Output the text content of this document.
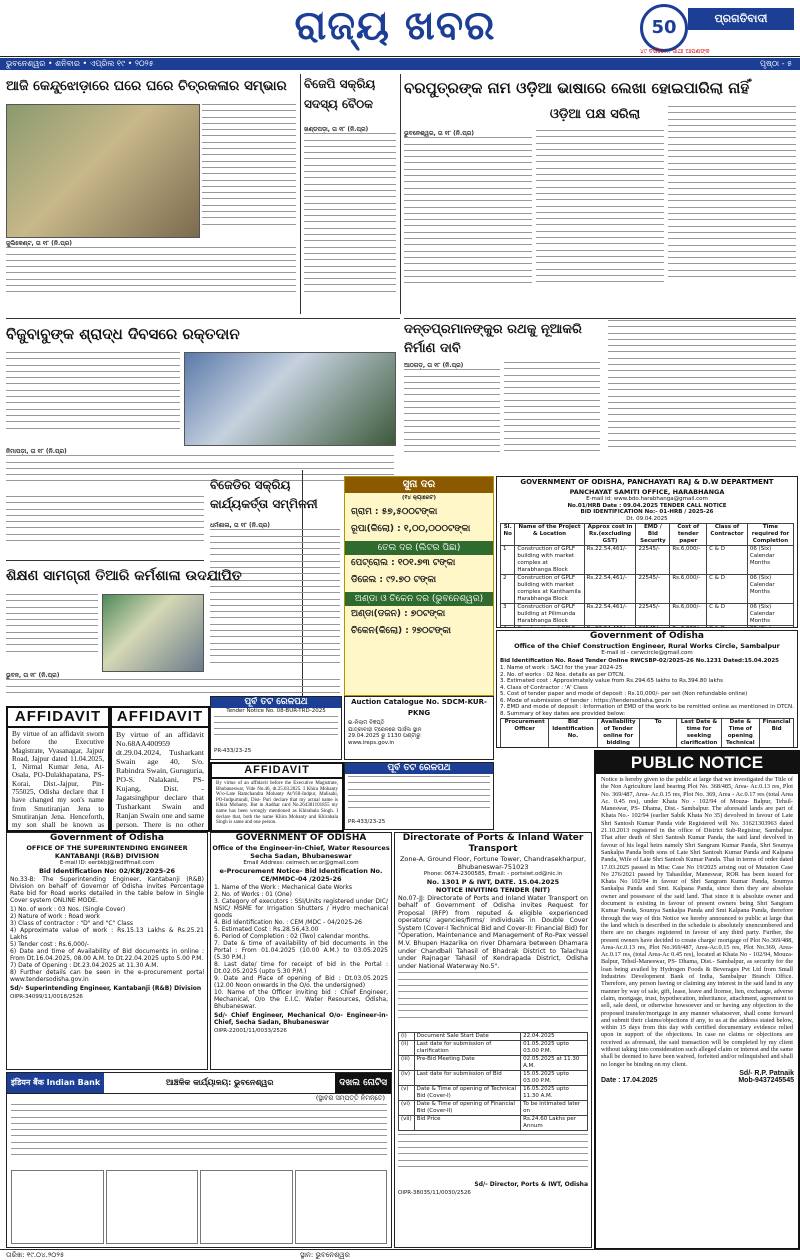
ରାଜ୍ୟ ଖବର	50	ପ୍ରଗତିବାଦୀ
୪୯ ବର୍ଷରେ... ସାଥୀ ଆପଣଙ୍କ
ଭୁବନେଶ୍ୱର • ଶନିବାର • ଏପ୍ରିଲ ୧୯ • ୨୦୨୫	ପୃଷ୍ଠା - ୫
ଆଜି କେନ୍ଦୁଝୋଡ଼ାରେ ଘରେ ଘରେ ଚିତ୍ରକଳାର ସମ୍ଭାର
ଜୁଲିକେଣ୍ଟ, ତା ୧୮ (ନି.ପ୍ର)
ବିଜେପି ସକ୍ରିୟ ସଦସ୍ୟ ବୈଠକ
ଖଣ୍ଡପଡ଼ା, ତା ୧୮ (ନି.ପ୍ର)
ବରପୁତ୍ରଙ୍କ ନାମ ଓଡ଼ିଆ ଭାଷାରେ ଲେଖା ହୋଇପାରିଲା ନାହିଁ
ଓଡ଼ିଆ ପକ୍ଷ ସରିଲା
ଭୁବନେଶ୍ୱର, ତା ୧୮ (ନି.ପ୍ର)
ବିଜୁବାବୁଙ୍କ ଶ୍ରାଦ୍ଧ ଦିବସରେ ରକ୍ତଦାନ
ନିମାପଡ଼ା, ତା ୧୮ (ନି.ପ୍ର)
ଦନ୍ତପ୍ରମାନଙ୍କୁର ରଥକୁ ନୂଆକରି ନିର୍ମାଣ ଦାବି
ଆଠଗଡ଼, ତା ୧୮ (ନି.ପ୍ର)
ସୁନା ଦର
(୧୪ କ୍ୟାରେଟ)
ଗ୍ରାମ : ୫୭,୫୦୦ଟଙ୍କା
ରୂପା(କିଲୋ) : ୧,୦୦,୦୦୦ଟଙ୍କା
ତେଲ ଦର (ଲିଟର ପିଛା)
ପେଟ୍ରୋଲ : ୧୦୧.୭୩ ଟଙ୍କା
ଡିଜେଲ : ୯୨.୭୦ ଟଙ୍କା
ଅଣ୍ଡା ଓ ଚିକେନ ଦର (ଭୁବନେଶ୍ୱର)
ଅଣ୍ଡା(ଡଜନ) : ୭୦ଟଙ୍କା
ଚିକେନ(କିଲୋ) : ୨୭୦ଟଙ୍କା
ବିଜେଡିର ସକ୍ରିୟ କାର୍ଯ୍ୟକର୍ତ୍ତା ସମ୍ମିଳନୀ
ଧର୍ମଶାଳା, ତା ୧୮ (ନି.ପ୍ର)
ଶିକ୍ଷଣ ସାମଗ୍ରୀ ତିଆରି କର୍ମଶାଳା ଉଦଯାପିତ
ଭୁବନ, ତା ୧୮ (ନି.ପ୍ର)
GOVERNMENT OF ODISHA, PANCHAYATI RAJ & D.W DEPARTMENT
PANCHAYAT SAMITI OFFICE, HARABHANGA
E-mail id: www.bdo.harabhanga@gmail.com
No.01/HRB Date : 09.04.2025 TENDER CALL NOTICE
BID IDENTIFICATION No:- 01-HRB / 2025-26
Dt. 09.04.2025
Sl. No	Name of the Project & Location	Approx cost in Rs.(excluding GST)	EMD / Bid Security	Cost of tender paper	Class of Contractor	Time required for Completion
1	Construction of GPLF building with market complex at Harabhanga Block	Rs.22.54,461/-	22545/-	Rs.6,000/-	C & D	06 (Six) Calendar Months
2	Construction of GPLF building with market complex at Kanthamila Harabhanga Block	Rs.22.54,461/-	22545/-	Rs.6,000/-	C & D	06 (Six) Calendar Months
3	Construction of GPLF building at Pilimunda Harabhanga Block	Rs.22.54,461/-	22545/-	Rs.6,000/-	C & D	06 (Six) Calendar Months

Government of Odisha
Office of the Chief Construction Engineer, Rural Works Circle, Sambalpur
E-mail id - cerwcircle@gmail.com
Bid Identification No. Road Tender Online RWCSBP-02/2025-26 No.1231 Dated:15.04.2025
1. Name of work : SACI for the year 2024-25
2. No. of works : 02 Nos. details as per DTCN.
3. Estimated cost : Approximately value from Rs.294.65 lakhs to Rs.394.80 lakhs
4. Class of Contractor : 'A' Class
5. Cost of tender paper and mode of deposit : Rs.10,000/- per set (Non refundable online)
6. Mode of submission of tender : https://tendersodisha.gov.in
7. EMD and mode of deposit : Information of EMD of the work to be remitted online as mentioned in DTCN.
8. Summary of key dates are provided below:
Procurement Officer	Bid Identification No.	Availability of Tender online for bidding	To	Last Date & time for seeking clarification	Date & Time of opening Technical	Financial Bid

ପୂର୍ବ ତଟ ରେଳପଥ
Tender Notice No. 08-BUR-TRD-2025
PR-433/23-25
Auction Catalogue No. SDCM-KUR-PKNG
ଇ-ନିଲାମ ବିଜ୍ଞପ୍ତି
ଯାତ୍ରୀବାହୀ ଟ୍ରେନରେ ପାର୍ସଲ ସ୍ଥାନ
29.04.2025 ରୁ 1130 ଘଣ୍ଟାରୁ
www.ireps.gov.in
AFFIDAVIT
By virtue of an affidavit sworn before the Executive Magistrate, Vyasanagar, Jajpur Road, Jajpur dated 11.04.2025, I, Nirmal Kumar Jena, At-Osala, PO-Dulakhapatana, PS-Korai, Dist.-Jajpur, Pin-755025, Odisha declare that I have changed my son's name from Smutiranjan Jena to Smutiranjan Jena. Henceforth, my son shall be known as
AFFIDAVIT
By virtue of an affidavit No.68AA400959 dt.29.04.2024, Tusharkant Swain age 40, S/o. Rabindra Swain, Guruguria, PO-S. Nalakani, PS-Kujang, Dist. - Jagatsinghpur declare that Tusharkant Swain and Ranjan Swain one and same person. There is no other
AFFIDAVIT
By virtue of an affidavit before the Executive Magistrate, Bhubaneswar, Vide No.46, dt.25.03.2025. I Khira Mohanty W/o-Late Ramchandra Mohanty At/Vill-Indpur, Malisahi, PO-Indpurtundi, Dist- Puri declare that my actual name is Khira Mohanty. But in Aadhar card No.264381101855 my name has been wrongly mentioned as Khirabala Singh. I declare that, both the name Khira Mohanty and Khirabala Singh is same and one person.
ପୂର୍ବ ତଟ ରେଳପଥ
PR-433/23-25
Government of Odisha
OFFICE OF THE SUPERINTENDING ENGINEER KANTABANJI (R&B) DIVISION
E-mail ID: eerbkbj@rediffmail.com
Bid Identification No: 02/KBJ/2025-26
No.33-B: The Superintending Engineer, Kantabanji (R&B) Division on behalf of Governor of Odisha invites Percentage Rate bid for Road works detailed in the table below in Single Cover system ONLINE MODE.
1) No. of work : 03 Nos. (Single Cover)
2) Nature of work : Road work
3) Class of contractor : "D" and "C" Class
4) Approximate value of work : Rs.15.13 Lakhs & Rs.25.21 Lakhs
5) Tender cost : Rs.6,000/-
6) Date and time of Availability of Bid documents in online : From Dt.16.04.2025, 08.00 A.M. to Dt.22.04.2025 upto 5.00 P.M.
7) Date of Opening : Dt.23.04.2025 at 11.30 A.M.
8) Further details can be seen in the e-procurement portal www.tendersodisha.gov.in
Sd/- Superintending Engineer, Kantabanji (R&B) Division
OIPR-34099/11/0018/2526
GOVERNMENT OF ODISHA
Office of the Engineer-in-Chief, Water Resources Secha Sadan, Bhubaneswar
Email Address: ceimech.wr.or@gmail.com
e-Procurement Notice- Bid Identification No. CE/MMDC-04 /2025-26
1. Name of the Work : Mechanical Gate Works
2. No. of Works : 01 (One)
3. Category of executors : SSI/Units registered under DIC/ NSIC/ MSME for Irrigation Shutters / Hydro mechanical goods
4. Bid Identification No. : CEM /MDC - 04/2025-26
5. Estimated Cost : Rs.28.56,43.00
6. Period of Completion : 02 (Two) calendar months.
7. Date & time of availability of bid documents in the Portal : From 01.04.2025 (10.00 A.M.) to 03.05.2025 (5.30 P.M.)
8. Last date/ time for receipt of bid in the Portal : Dt.02.05.2025 (upto 5.30 P.M.)
9. Date and Place of opening of Bid : Dt.03.05.2025 (12.00 Noon onwards in the O/o. the undersigned)
10. Name of the Officer inviting bid : Chief Engineer, Mechanical, O/o the E.I.C. Water Resources, Odisha, Bhubaneswar.
Sd/- Chief Engineer, Mechanical O/o- Engineer-in-Chief, Secha Sadan, Bhubaneswar
OIPR-22001/11/0033/2526
Directorate of Ports & Inland Water Transport
Zone-A, Ground Floor, Fortune Tower, Chandrasekharpur, Bhubaneswar-751023
Phone: 0674-2300585, Email: - portsiwt.od@nic.in
No. 1301 P & IWT, DATE. 15.04.2025
NOTICE INVITING TENDER (NIT)
No.07-JJ: Directorate of Ports and Inland Water Transport on behalf of Government of Odisha invites Request for Proposal (RFP) from reputed & eligible experienced operators/ agencies/firms/ individuals in Double Cover System (Cover-I Technical Bid and Cover-II: Financial Bid) for "Operation, Maintenance and Management of Ro-Pax vessel M.V. Bhupen Hazarika on river Dhamara between Dhamara under Chandbali Tahasil of Bhadrak District to Talachua under Rajnagar Tahasil of Kendrapada District, Odisha under National Waterway No.5".
(i)	Document Sale Start Date	22.04.2025
(ii)	Last date for submission of clarification	01.05.2025 upto 03.00 P.M.
(iii)	Pre-Bid Meeting Date	02.05.2025 at 11.30 A.M.
(iv)	Last date for submission of Bid	15.05.2025 upto 03.00 P.M.
(v)	Date & Time of opening of Technical Bid (Cover-I)	16.05.2025 upto 11.30 A.M.
(vi)	Date & Time of opening of Financial Bid (Cover-II)	To be intimated later on
(vii)	Bid Price	Rs.24.60 Lakhs per Annum
Sd/- Director, Ports & IWT, Odisha
OIPR-38035/11/0030/2526
PUBLIC NOTICE
Notice is hereby given to the public at large that we investigated the Title of the Non Agriculture land bearing Plot No. 368/485, Area- Ac.0.13 res, Plot No. 369/487, Area- Ac.0.15 res, Plot No. 369, Area - Ac.0.17 res (total Area Ac. 0.45 res), under Khata No - 102/94 of Mouza- Balpur, Tehsil- Maneswar, PS- Dhama, Dist.- Sambalpur. The aforesaid lands are part of Khata No.- 102/94 (earlier Sabik Khata No 35) devolved in favour of Late Shri Santosh Kumar Panda vide Registered will No. 31621303963 dated 21.10.2013 registered in the office of District Sub-Registrar, Sambalpur. That after death of Shri Santosh Kumar Panda, the said land devolved in favour of his legal heirs namely Shri Sangram Kumar Panda, Shri Soumya Sankalpa Panda both sons of Late Shri Santosh Kumar Panda and Kalpana Panda, Wife of Late Shri Santosh Kumar Panda. That in terms of order dated 17.03.2025 passed in Misc Case No 19/2025 arising out of Mutation Case No 276/2021 passed by Tahasildar, Maneswar, ROR has been issued for Khata No 102/94 in favour of Shri Sangram Kumar Panda, Soumya Sankalpa Panda and Smt. Kalpana Panda, since then they are absolute owner and possessor of the said land. That since it is absolute owner and document is existing in favour of present owners being Shri Sangram Kumar Panda, Soumya Sankalpa Panda and Smt Kalpana Panda, therefore through the way of this Notice we hereby announced to public at large that the land which is described in the schedule is absolutely unencumbered and there are no charges registered in favour of any third party. Further, the present owners have decided to create charge/ mortgage of Plot No.369/488, Area-Ac.0.13 res, Plot No.369/487, Area-Ac.0.15 res, Plot No.369, Area-Ac.0.17 res, (total Area-Ac 0.45 res), located at Khata No - 102/94, Mouza- Balpur, Tehsil-Maneswar, PS- Dhama, Dist.- Sambalpur, as security for the loan being availed by Hydrogen Foods & Beverages Pvt Ltd from Small Industries Development Bank of India, Sambalpur Branch Office. Therefore, any person having or claiming any interest in the said land in any manner by way of sale, gift, lease, leave and license, lien, exchange, adverse claim, mortgage, trust, hypothecation, inheritance, attachment, agreement to sell, sale deed, or otherwise howsoever and or having any objection to the proposed transfer/mortgage in any manner whatsoever, shall come forward and submit their claims/objections if any, to us at the address stated below, within 15 days from this day with certified documentary evidence relied upon in support of the objections. In case no claims or objections are received as aforesaid, the said transaction will be completed by my client without taking into consideration such alleged claim or interest and the same shall be deemed to have been waived, forfeited and/or relinquished and shall no longer be binding on my client.
Sd/- R.P. Patnaik
Date : 17.04.2025	Mob-9437245545
इंडियन बैंक Indian Bank	ଆଞ୍ଚଳିକ କାର୍ଯ୍ୟାଳୟ: ଭୁବନେଶ୍ୱର	ଦଖଲ ନୋଟିସ
(ସ୍ଥାବର ସମ୍ପତ୍ତି ନିମନ୍ତେ)
ତାରିଖ: ୧୯.୦୪.୨୦୨୫	ସ୍ଥାନ: ଭୁବନେଶ୍ୱର
